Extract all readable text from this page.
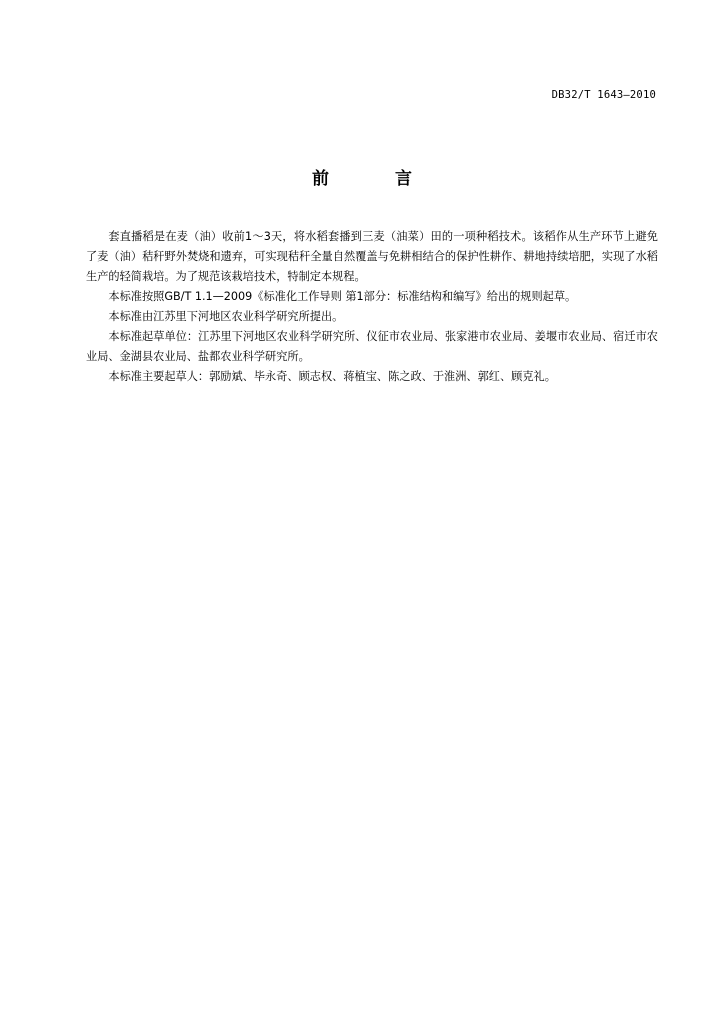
DB32/T 1643—2010
前 言

套直播稻是在麦（油）收前1～3天，将水稻套播到三麦（油菜）田的一项种稻技术。该稻作从生产环节上避免了麦（油）秸秆野外焚烧和遗弃，可实现秸秆全量自然覆盖与免耕相结合的保护性耕作、耕地持续培肥，实现了水稻生产的轻简栽培。为了规范该栽培技术，特制定本规程。

本标准按照GB/T 1.1—2009《标准化工作导则 第1部分：标准结构和编写》给出的规则起草。

本标准由江苏里下河地区农业科学研究所提出。

本标准起草单位：江苏里下河地区农业科学研究所、仪征市农业局、张家港市农业局、姜堰市农业局、宿迁市农业局、金湖县农业局、盐都农业科学研究所。

本标准主要起草人：郭励斌、毕永奇、顾志权、蒋植宝、陈之政、于淮洲、郭红、顾克礼。
